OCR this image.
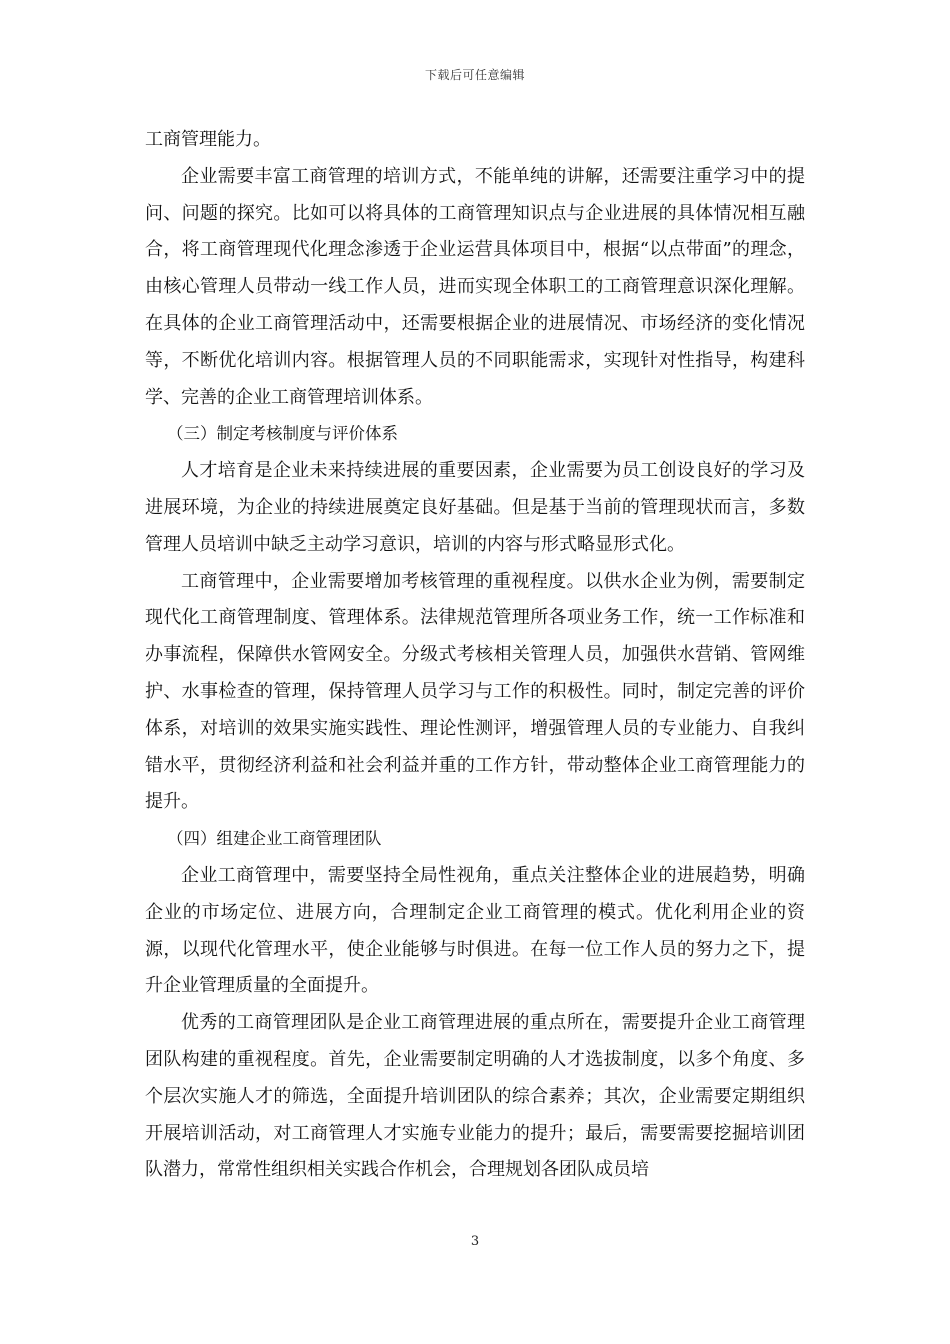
下载后可任意编辑

工商管理能力。

企业需要丰富工商管理的培训方式，不能单纯的讲解，还需要注重学习中的提问、问题的探究。比如可以将具体的工商管理知识点与企业进展的具体情况相互融合，将工商管理现代化理念渗透于企业运营具体项目中，根据“以点带面”的理念，由核心管理人员带动一线工作人员，进而实现全体职工的工商管理意识深化理解。在具体的企业工商管理活动中，还需要根据企业的进展情况、市场经济的变化情况等，不断优化培训内容。根据管理人员的不同职能需求，实现针对性指导，构建科学、完善的企业工商管理培训体系。

（三）制定考核制度与评价体系

人才培育是企业未来持续进展的重要因素，企业需要为员工创设良好的学习及进展环境，为企业的持续进展奠定良好基础。但是基于当前的管理现状而言，多数管理人员培训中缺乏主动学习意识，培训的内容与形式略显形式化。

工商管理中，企业需要增加考核管理的重视程度。以供水企业为例，需要制定现代化工商管理制度、管理体系。法律规范管理所各项业务工作，统一工作标准和办事流程，保障供水管网安全。分级式考核相关管理人员，加强供水营销、管网维护、水事检查的管理，保持管理人员学习与工作的积极性。同时，制定完善的评价体系，对培训的效果实施实践性、理论性测评，增强管理人员的专业能力、自我纠错水平，贯彻经济利益和社会利益并重的工作方针，带动整体企业工商管理能力的提升。

（四）组建企业工商管理团队

企业工商管理中，需要坚持全局性视角，重点关注整体企业的进展趋势，明确企业的市场定位、进展方向，合理制定企业工商管理的模式。优化利用企业的资源，以现代化管理水平，使企业能够与时俱进。在每一位工作人员的努力之下，提升企业管理质量的全面提升。

优秀的工商管理团队是企业工商管理进展的重点所在，需要提升企业工商管理团队构建的重视程度。首先，企业需要制定明确的人才选拔制度，以多个角度、多个层次实施人才的筛选，全面提升培训团队的综合素养；其次，企业需要定期组织开展培训活动，对工商管理人才实施专业能力的提升；最后，需要需要挖掘培训团队潜力，常常性组织相关实践合作机会，合理规划各团队成员培

3
